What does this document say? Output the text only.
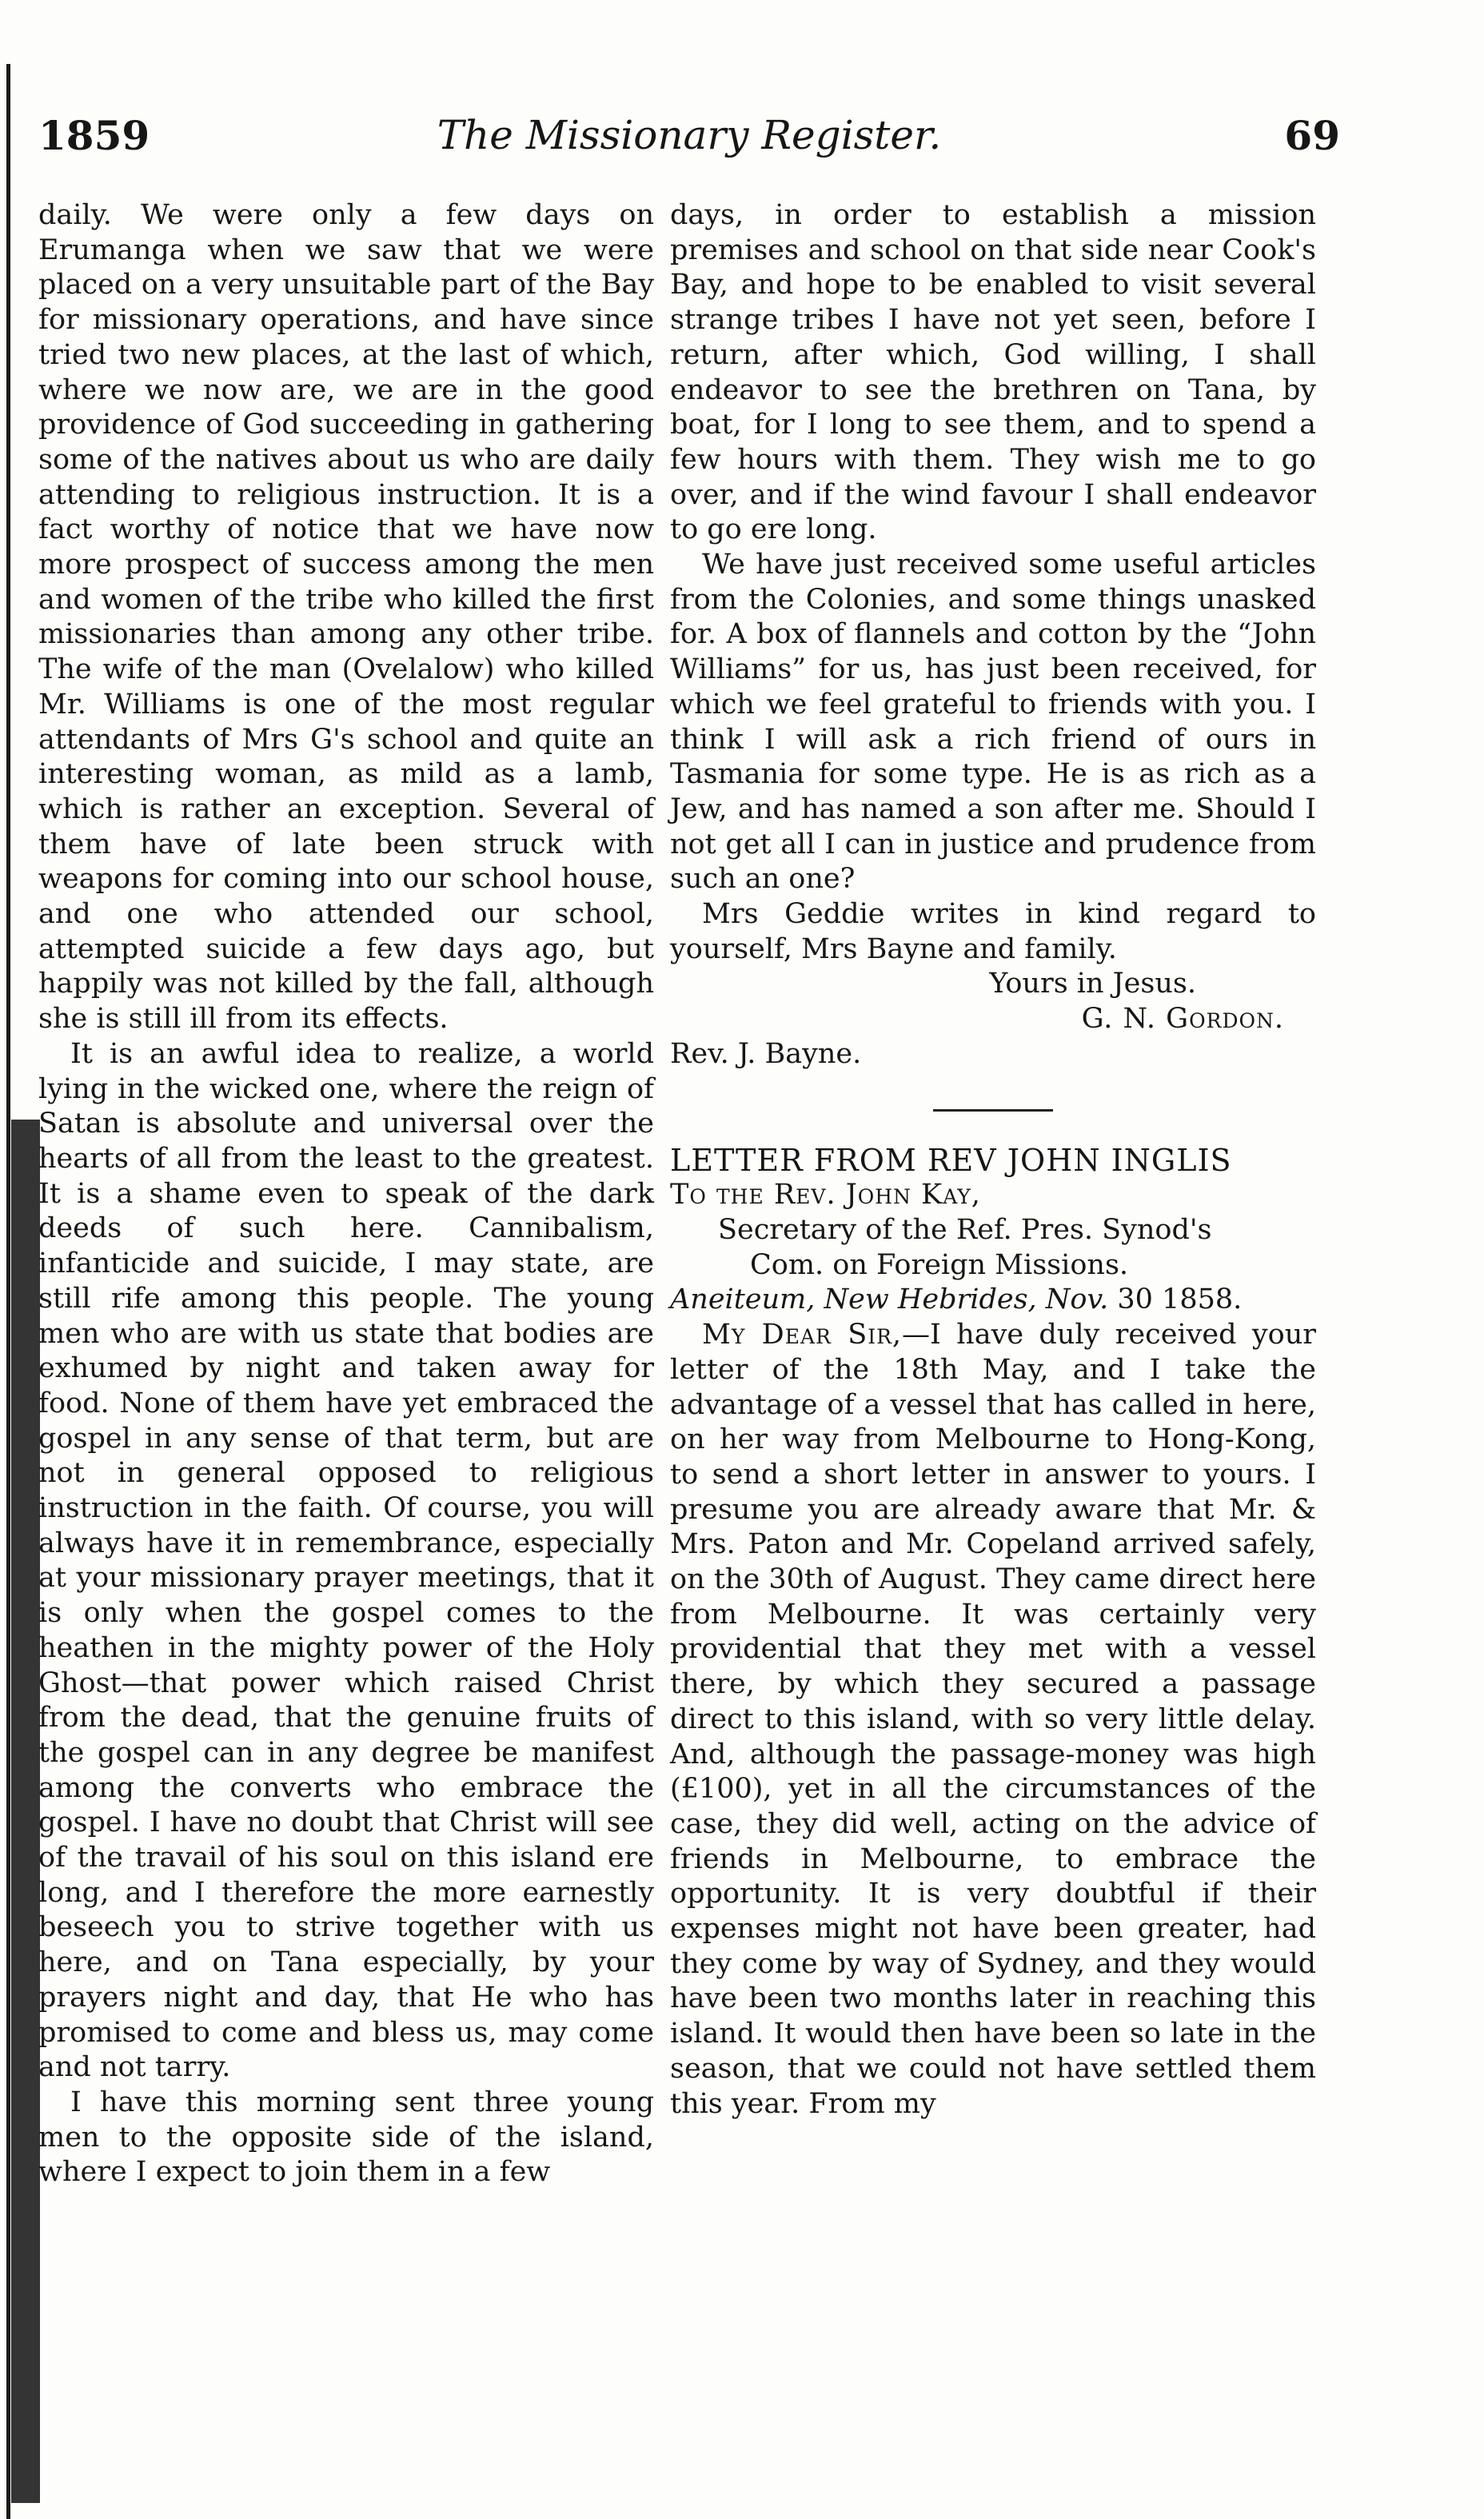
1859	The Missionary Register.	69

daily. We were only a few days on Erumanga when we saw that we were placed on a very unsuitable part of the Bay for missionary operations, and have since tried two new places, at the last of which, where we now are, we are in the good providence of God succeeding in gathering some of the natives about us who are daily attending to religious instruction. It is a fact worthy of notice that we have now more prospect of success among the men and women of the tribe who killed the first missionaries than among any other tribe. The wife of the man (Ovelalow) who killed Mr. Williams is one of the most regular attendants of Mrs G's school and quite an interesting woman, as mild as a lamb, which is rather an exception. Several of them have of late been struck with weapons for coming into our school house, and one who attended our school, attempted suicide a few days ago, but happily was not killed by the fall, although she is still ill from its effects.

It is an awful idea to realize, a world lying in the wicked one, where the reign of Satan is absolute and universal over the hearts of all from the least to the greatest. It is a shame even to speak of the dark deeds of such here. Cannibalism, infanticide and suicide, I may state, are still rife among this people. The young men who are with us state that bodies are exhumed by night and taken away for food. None of them have yet embraced the gospel in any sense of that term, but are not in general opposed to religious instruction in the faith. Of course, you will always have it in remembrance, especially at your missionary prayer meetings, that it is only when the gospel comes to the heathen in the mighty power of the Holy Ghost—that power which raised Christ from the dead, that the genuine fruits of the gospel can in any degree be manifest among the converts who embrace the gospel. I have no doubt that Christ will see of the travail of his soul on this island ere long, and I therefore the more earnestly beseech you to strive together with us here, and on Tana especially, by your prayers night and day, that He who has promised to come and bless us, may come and not tarry.

I have this morning sent three young men to the opposite side of the island, where I expect to join them in a few

days, in order to establish a mission premises and school on that side near Cook's Bay, and hope to be enabled to visit several strange tribes I have not yet seen, before I return, after which, God willing, I shall endeavor to see the brethren on Tana, by boat, for I long to see them, and to spend a few hours with them. They wish me to go over, and if the wind favour I shall endeavor to go ere long.

We have just received some useful articles from the Colonies, and some things unasked for. A box of flannels and cotton by the “John Williams” for us, has just been received, for which we feel grateful to friends with you. I think I will ask a rich friend of ours in Tasmania for some type. He is as rich as a Jew, and has named a son after me. Should I not get all I can in justice and prudence from such an one?

Mrs Geddie writes in kind regard to yourself, Mrs Bayne and family.

Yours in Jesus.

G. N. Gordon.

Rev. J. Bayne.

LETTER FROM REV JOHN INGLIS

To the Rev. John Kay,

Secretary of the Ref. Pres. Synod's

Com. on Foreign Missions.

Aneiteum, New Hebrides, Nov. 30 1858.

My Dear Sir,—I have duly received your letter of the 18th May, and I take the advantage of a vessel that has called in here, on her way from Melbourne to Hong-Kong, to send a short letter in answer to yours. I presume you are already aware that Mr. & Mrs. Paton and Mr. Copeland arrived safely, on the 30th of August. They came direct here from Melbourne. It was certainly very providential that they met with a vessel there, by which they secured a passage direct to this island, with so very little delay. And, although the passage-money was high (£100), yet in all the circumstances of the case, they did well, acting on the advice of friends in Melbourne, to embrace the opportunity. It is very doubtful if their expenses might not have been greater, had they come by way of Sydney, and they would have been two months later in reaching this island. It would then have been so late in the season, that we could not have settled them this year. From my
